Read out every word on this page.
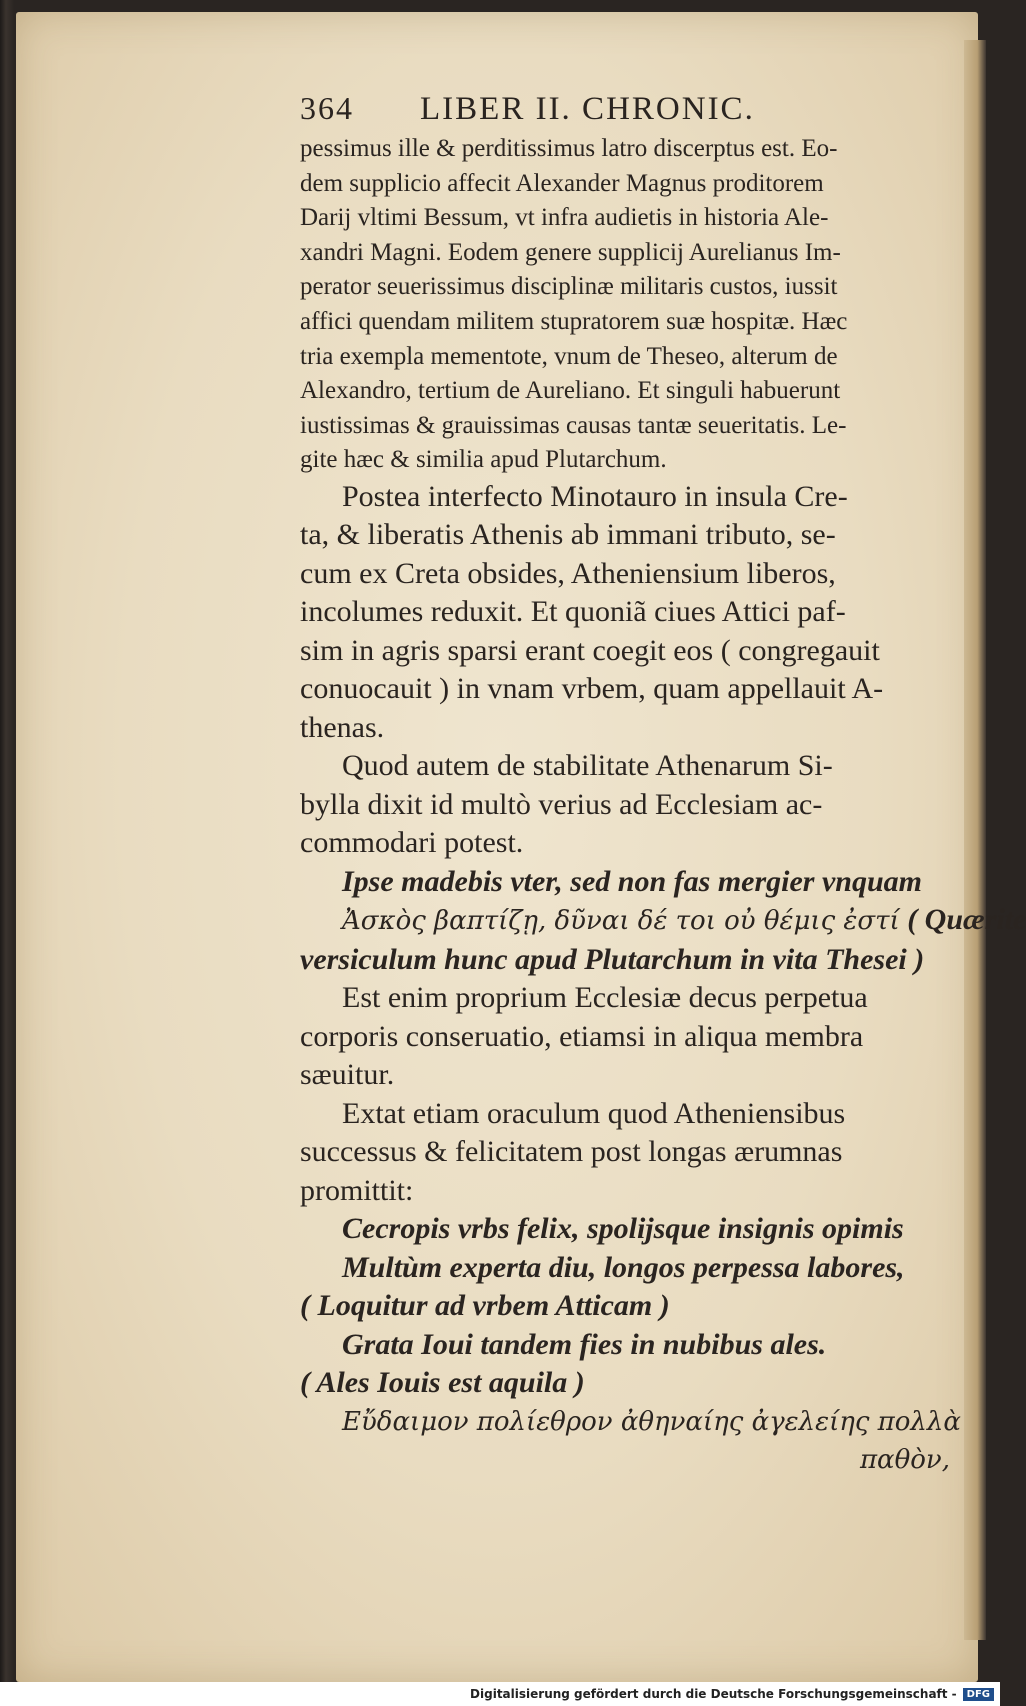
364	LIBER II. CHRONIC.
pessimus ille & perditissimus latro discerptus est. Eo-
dem supplicio affecit Alexander Magnus proditorem
Darij vltimi Bessum, vt infra audietis in historia Ale-
xandri Magni. Eodem genere supplicij Aurelianus Im-
perator seuerissimus disciplinæ militaris custos, iussit
affici quendam militem stupratorem suæ hospitæ. Hæc
tria exempla mementote, vnum de Theseo, alterum de
Alexandro, tertium de Aureliano. Et singuli habuerunt
iustissimas & grauissimas causas tantæ seueritatis. Le-
gite hæc & similia apud Plutarchum.
Postea interfecto Minotauro in insula Cre-
ta, & liberatis Athenis ab immani tributo, se-
cum ex Creta obsides, Atheniensium liberos,
incolumes reduxit. Et quoniã ciues Attici paf-
sim in agris sparsi erant coegit eos ( congregauit
conuocauit ) in vnam vrbem, quam appellauit A-
thenas.
Quod autem de stabilitate Athenarum Si-
bylla dixit id multò verius ad Ecclesiam ac-
commodari potest.
Ipse madebis vter, sed non fas mergier vnquam
Ἀσκὸς βαπτίζῃ, δῦναι δέ τοι οὐ θέμις ἐστί ( Quærite
versiculum hunc apud Plutarchum in vita Thesei )
Est enim proprium Ecclesiæ decus perpetua
corporis conseruatio, etiamsi in aliqua membra
sæuitur.
Extat etiam oraculum quod Atheniensibus
successus & felicitatem post longas ærumnas
promittit:
Cecropis vrbs felix, spolijsque insignis opimis
Multùm experta diu, longos perpessa labores,
( Loquitur ad vrbem Atticam )
Grata Ioui tandem fies in nubibus ales.
( Ales Iouis est aquila )
Εὔδαιμον πολίεθρον ἀθηναίης ἀγελείης πολλὰ
παθὸν,
Digitalisierung gefördert durch die Deutsche Forschungsgemeinschaft -	DFG
